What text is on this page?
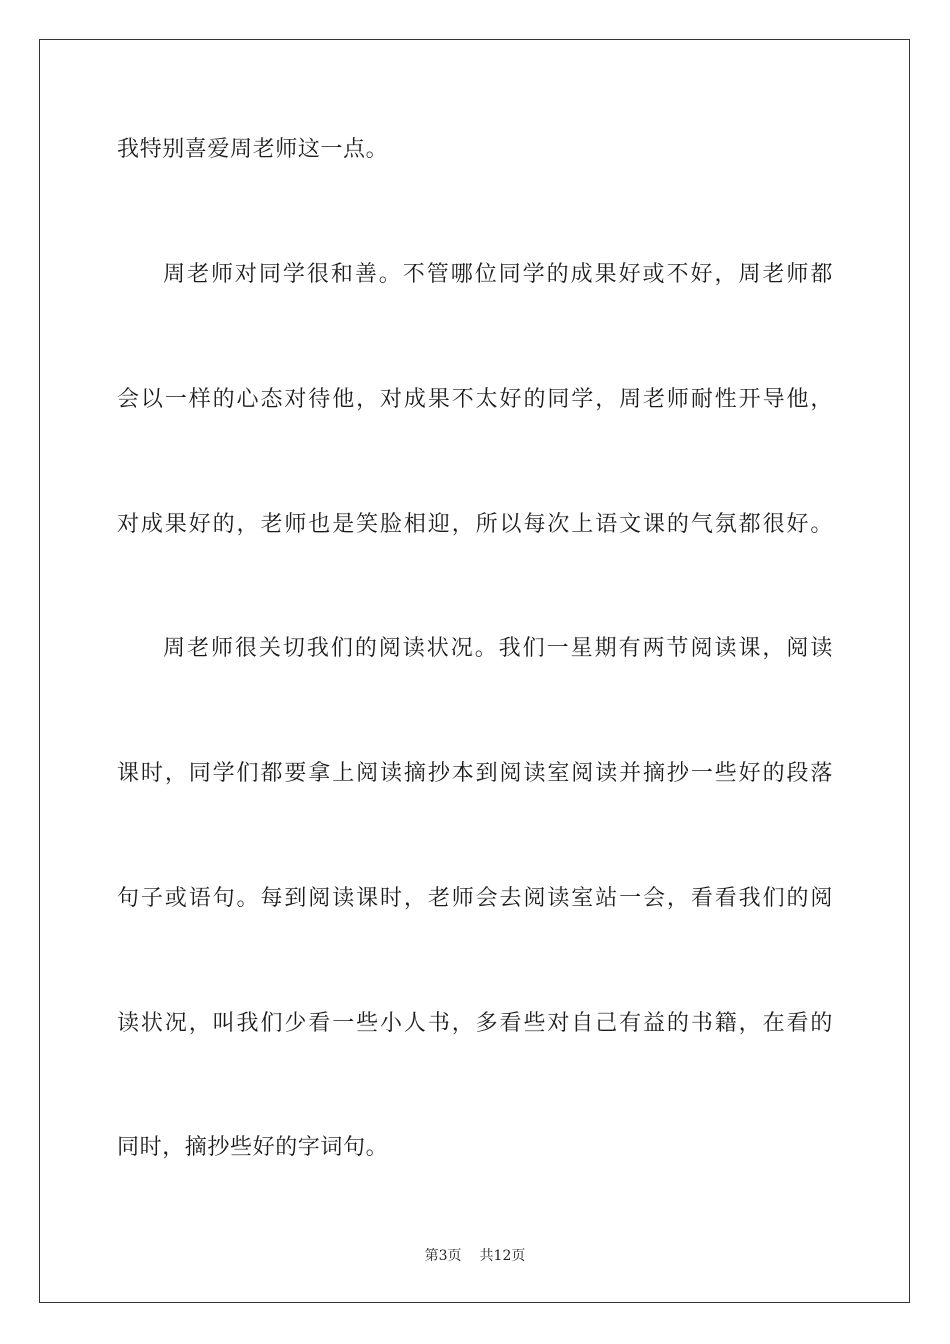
我特别喜爱周老师这一点。
周老师对同学很和善。不管哪位同学的成果好或不好，周老师都
会以一样的心态对待他，对成果不太好的同学，周老师耐性开导他，
对成果好的，老师也是笑脸相迎，所以每次上语文课的气氛都很好。
周老师很关切我们的阅读状况。我们一星期有两节阅读课，阅读
课时，同学们都要拿上阅读摘抄本到阅读室阅读并摘抄一些好的段落
句子或语句。每到阅读课时，老师会去阅读室站一会，看看我们的阅
读状况，叫我们少看一些小人书，多看些对自己有益的书籍，在看的
同时，摘抄些好的字词句。
第3页 共12页
